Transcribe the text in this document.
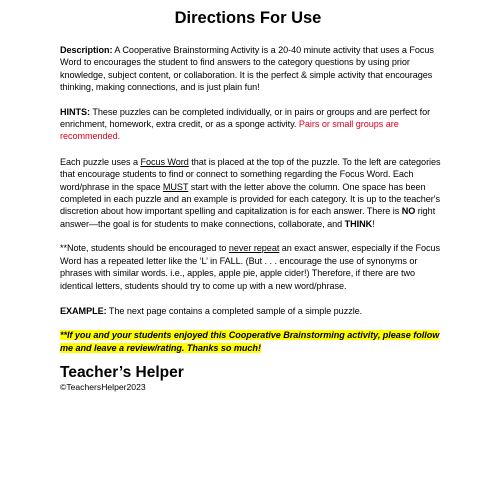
Directions For Use

Description: A Cooperative Brainstorming Activity is a 20-40 minute activity that uses a Focus Word to encourages the student to find answers to the category questions by using prior knowledge, subject content, or collaboration. It is the perfect & simple activity that encourages thinking, making connections, and is just plain fun!

HINTS: These puzzles can be completed individually, or in pairs or groups and are perfect for enrichment, homework, extra credit, or as a sponge activity. Pairs or small groups are recommended.

Each puzzle uses a Focus Word that is placed at the top of the puzzle. To the left are categories that encourage students to find or connect to something regarding the Focus Word. Each word/phrase in the space MUST start with the letter above the column. One space has been completed in each puzzle and an example is provided for each category. It is up to the teacher's discretion about how important spelling and capitalization is for each answer. There is NO right answer—the goal is for students to make connections, collaborate, and THINK!

**Note, students should be encouraged to never repeat an exact answer, especially if the Focus Word has a repeated letter like the ‘L’ in FALL. (But . . . encourage the use of synonyms or phrases with similar words. i.e., apples, apple pie, apple cider!) Therefore, if there are two identical letters, students should try to come up with a new word/phrase.

EXAMPLE: The next page contains a completed sample of a simple puzzle.

**If you and your students enjoyed this Cooperative Brainstorming activity, please follow me and leave a review/rating. Thanks so much!

Teacher’s Helper
©TeachersHelper2023
